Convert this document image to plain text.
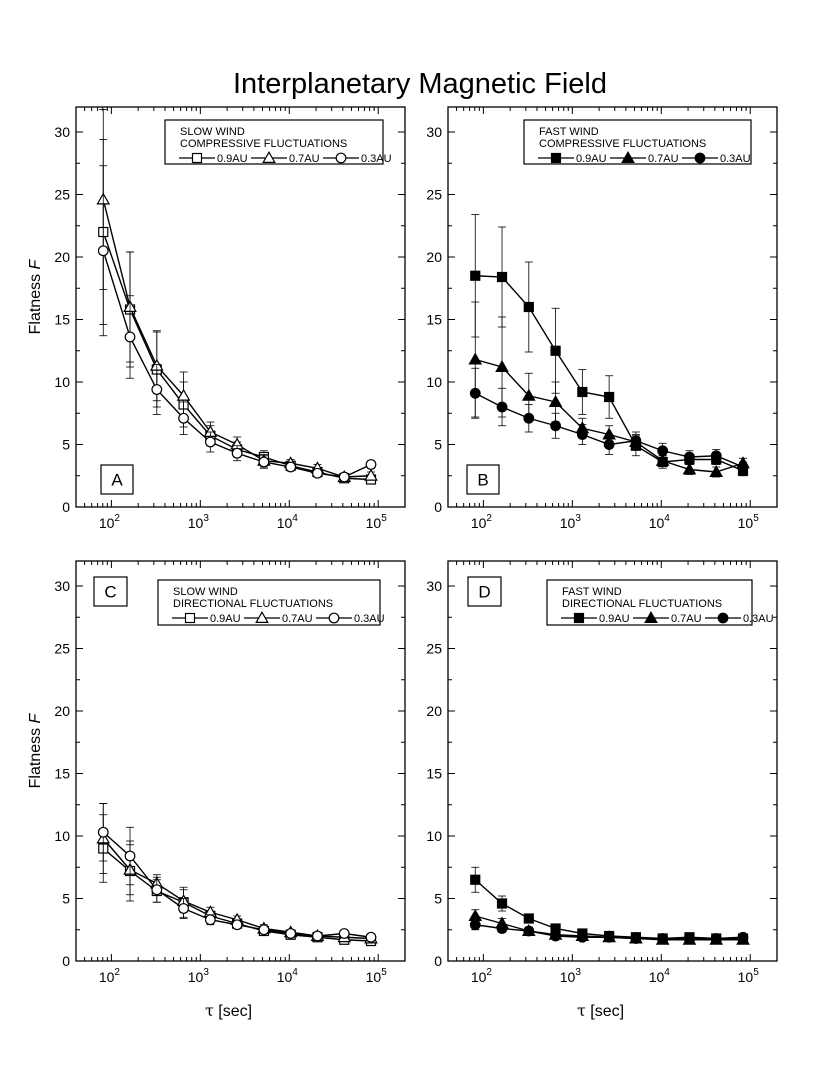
Interplanetary Magnetic Field
$10^2$	$10^3$	$10^4$	$10^5$
0
5
10
15
20
25
30
Flatness F
SLOW WIND
COMPRESSIVE FLUCTUATIONS
0.9AU	0.7AU	0.3AU
A
$10^2$	$10^3$	$10^4$	$10^5$
0
5
10
15
20
25
30	FAST WIND
COMPRESSIVE FLUCTUATIONS
0.9AU	0.7AU	0.3AU
B
$10^2$	$10^3$	$10^4$	$10^5$
0
5
10
15
20
25
30
Flatness F
τ [sec]
SLOW WIND
DIRECTIONAL FLUCTUATIONS
0.9AU	0.7AU	0.3AU
C
$10^2$	$10^3$	$10^4$	$10^5$
0
5
10
15
20
25
30
τ [sec]
FAST WIND
DIRECTIONAL FLUCTUATIONS
0.9AU	0.7AU	0.3AU
D
